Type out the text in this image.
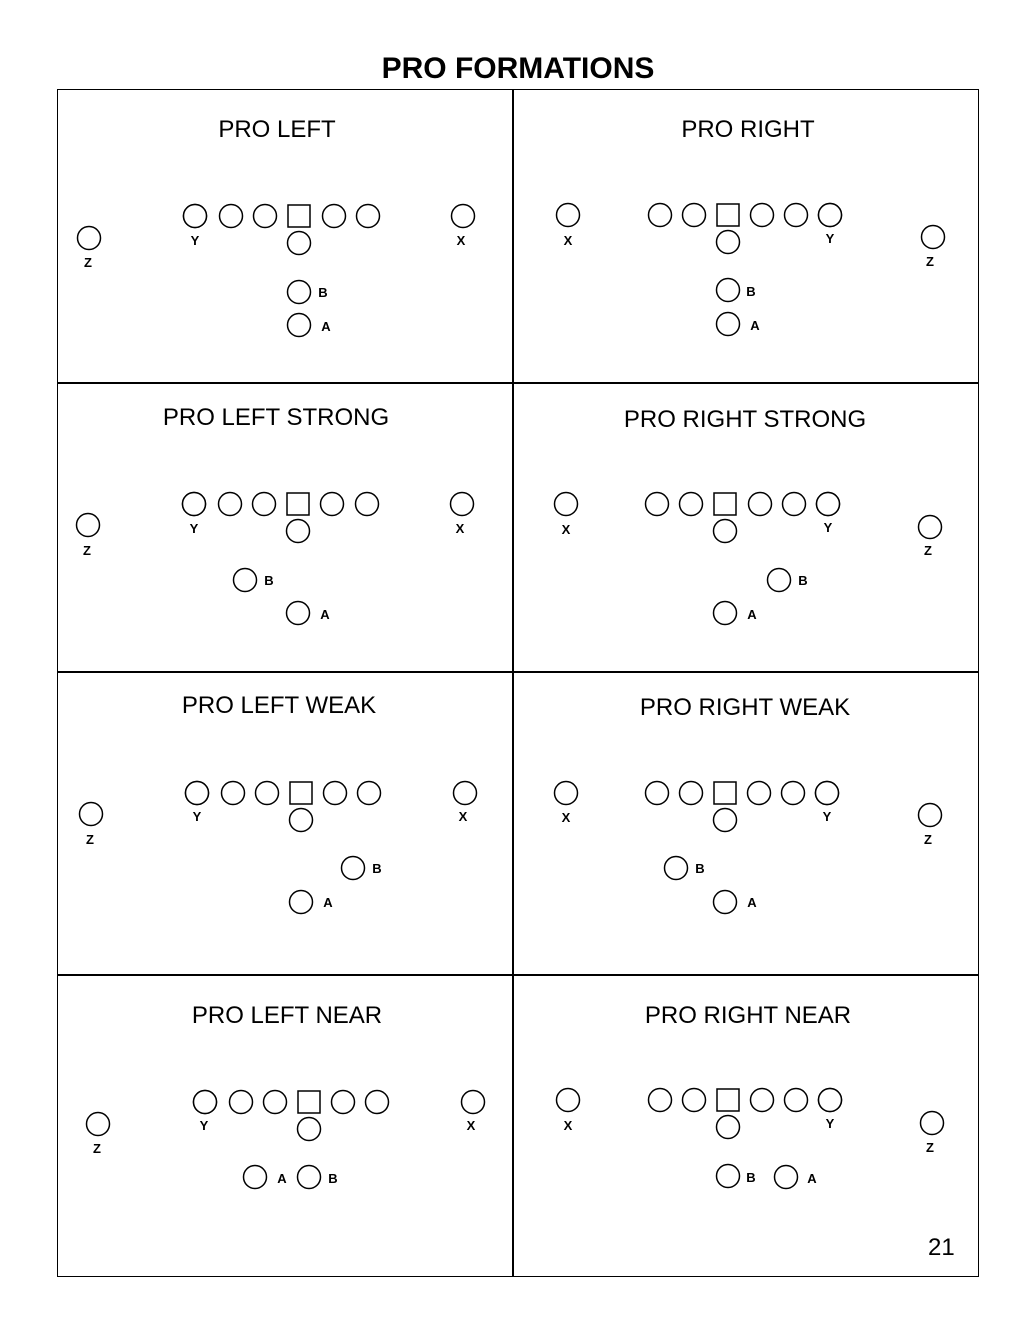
PRO FORMATIONS
PRO LEFT
Y	X
Z
B
A
PRO RIGHT
Y
X
Z
B
A
PRO LEFT STRONG
Y	X
Z
B
A
PRO RIGHT STRONG
Y
X
Z
B
A
PRO LEFT WEAK
Y	X
Z
B
A
PRO RIGHT WEAK
Y
X
Z
B
A
PRO LEFT NEAR
Y	X
Z
B
A
PRO RIGHT NEAR
Y
X
Z
B	A
21
